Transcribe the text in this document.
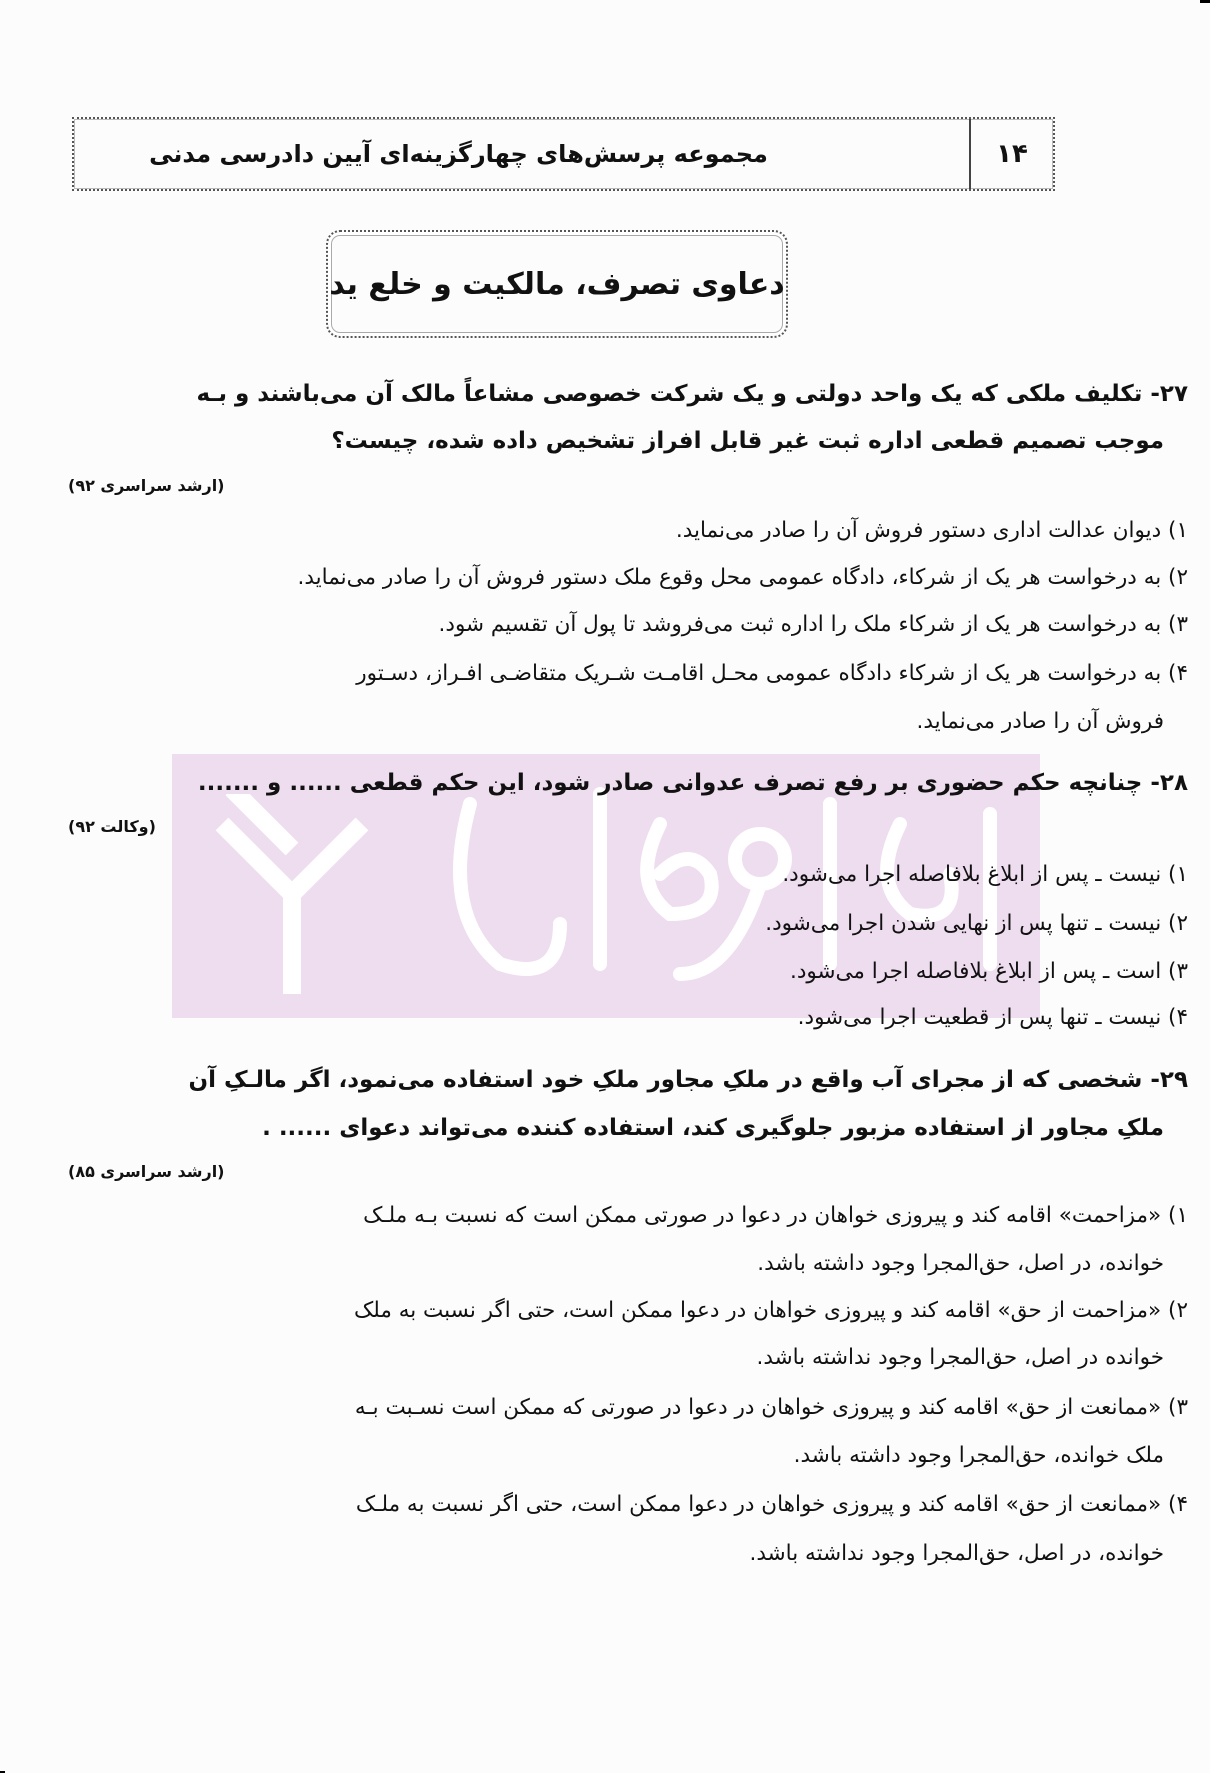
مجموعه پرسش‌های چهارگزینه‌ای آیین دادرسی مدنی	۱۴
دعاوی تصرف، مالکیت و خلع ید
۲۷- تکلیف ملکی که یک واحد دولتی و یک شرکت خصوصی مشاعاً مالک آن می‌باشند و بـه
موجب تصمیم قطعی اداره ثبت غیر قابل افراز تشخیص داده شده، چیست؟
(ارشد سراسری ۹۲)
۱) دیوان عدالت اداری دستور فروش آن را صادر می‌نماید.
۲) به درخواست هر یک از شرکاء، دادگاه عمومی محل وقوع ملک دستور فروش آن را صادر می‌نماید.
۳) به درخواست هر یک از شرکاء ملک را اداره ثبت می‌فروشد تا پول آن تقسیم شود.
۴) به درخواست هر یک از شرکاء دادگاه عمومی محـل اقامـت شـریک متقاضـی افـراز، دسـتور
فروش آن را صادر می‌نماید.
۲۸- چنانچه حکم حضوری بر رفع تصرف عدوانی صادر شود، این حکم قطعی ...... و .......
(وکالت ۹۲)
۱) نیست ـ پس از ابلاغ بلافاصله اجرا می‌شود.
۲) نیست ـ تنها پس از نهایی شدن اجرا می‌شود.
۳) است ـ پس از ابلاغ بلافاصله اجرا می‌شود.
۴) نیست ـ تنها پس از قطعیت اجرا می‌شود.
۲۹- شخصی که از مجرای آب واقع در ملکِ مجاور ملکِ خود استفاده می‌نمود، اگر مالـکِ آن
ملکِ مجاور از استفاده مزبور جلوگیری کند، استفاده کننده می‌تواند دعوای ...... .
(ارشد سراسری ۸۵)
۱) «مزاحمت» اقامه کند و پیروزی خواهان در دعوا در صورتی ممکن است که نسبت بـه ملـک
خوانده، در اصل، حق‌المجرا وجود داشته باشد.
۲) «مزاحمت از حق» اقامه کند و پیروزی خواهان در دعوا ممکن است، حتی اگر نسبت به ملک
خوانده در اصل، حق‌المجرا وجود نداشته باشد.
۳) «ممانعت از حق» اقامه کند و پیروزی خواهان در دعوا در صورتی که ممکن است نسـبت بـه
ملک خوانده، حق‌المجرا وجود داشته باشد.
۴) «ممانعت از حق» اقامه کند و پیروزی خواهان در دعوا ممکن است، حتی اگر نسبت به ملـک
خوانده، در اصل، حق‌المجرا وجود نداشته باشد.
